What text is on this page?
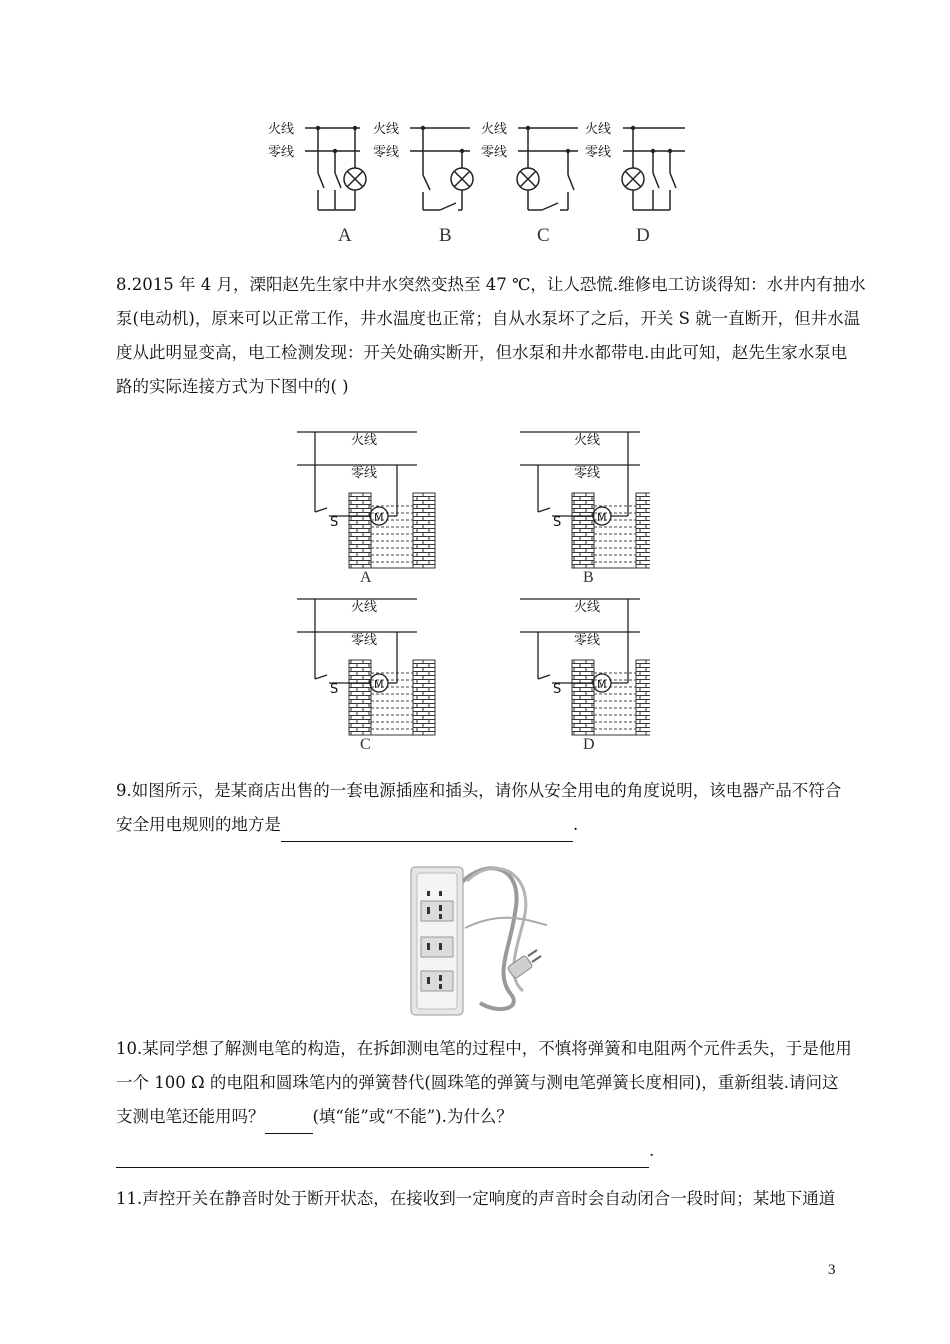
火线
零线
火线
零线
火线
零线
火线
零线
A	B	C	D
8.2015 年 4 月，溧阳赵先生家中井水突然变热至 47 ℃，让人恐慌.维修电工访谈得知：水井内有抽水
泵(电动机)，原来可以正常工作，井水温度也正常；自从水泵坏了之后，开关 S 就一直断开，但井水温
度从此明显变高，电工检测发现：开关处确实断开，但水泵和井水都带电.由此可知，赵先生家水泵电
路的实际连接方式为下图中的( )
火线
零线
S	M
A
火线
零线
S	M
B
火线
零线
S	M
C
火线
零线
S	M
D
9.如图所示，是某商店出售的一套电源插座和插头，请你从安全用电的角度说明，该电器产品不符合
安全用电规则的地方是	.
10.某同学想了解测电笔的构造，在拆卸测电笔的过程中，不慎将弹簧和电阻两个元件丢失，于是他用
一个 100 Ω 的电阻和圆珠笔内的弹簧替代(圆珠笔的弹簧与测电笔弹簧长度相同)，重新组装.请问这
支测电笔还能用吗？	(填“能”或“不能”).为什么？
.
11.声控开关在静音时处于断开状态，在接收到一定响度的声音时会自动闭合一段时间；某地下通道
3
